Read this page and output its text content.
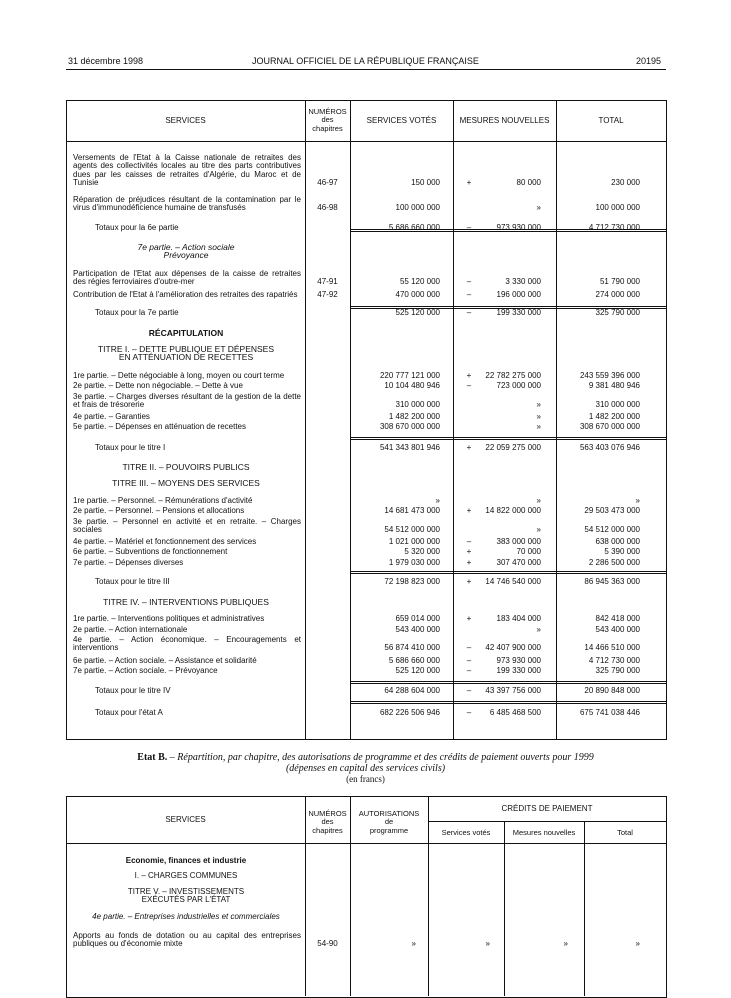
31 décembre 1998	JOURNAL OFFICIEL DE LA RÉPUBLIQUE FRANÇAISE	20195
SERVICES
NUMÉROS
des
chapitres
SERVICES VOTÉS	MESURES NOUVELLES	TOTAL
Versements de l'Etat à la Caisse nationale de retraites des agents des collectivités locales au titre des parts contributives dues par les caisses de retraites d'Algérie, du Maroc et de Tunisie	46-97	150 000	+	80 000	230 000
Réparation de préjudices résultant de la contamination par le virus d'immunodéficience humaine de transfusés	46-98	100 000 000	»	100 000 000
Totaux pour la 6e partie	5 686 660 000	–	973 930 000	4 712 730 000
7e partie. – Action sociale
Prévoyance
Participation de l'Etat aux dépenses de la caisse de retraites des régies ferroviaires d'outre-mer	47-91	55 120 000	–	3 330 000	51 790 000
Contribution de l'Etat à l'amélioration des retraites des rapatriés	47-92	470 000 000	–	196 000 000	274 000 000
Totaux pour la 7e partie	525 120 000	–	199 330 000	325 790 000
RÉCAPITULATION
TITRE I. – DETTE PUBLIQUE ET DÉPENSES
EN ATTÉNUATION DE RECETTES
1re partie. – Dette négociable à long, moyen ou court terme	220 777 121 000	+	22 782 275 000	243 559 396 000
2e partie. – Dette non négociable. – Dette à vue	10 104 480 946	–	723 000 000	9 381 480 946
3e partie. – Charges diverses résultant de la gestion de la dette et frais de trésorerie	310 000 000	»	310 000 000
4e partie. – Garanties	1 482 200 000	»	1 482 200 000
5e partie. – Dépenses en atténuation de recettes	308 670 000 000	»	308 670 000 000
Totaux pour le titre I	541 343 801 946	+	22 059 275 000	563 403 076 946
TITRE II. – POUVOIRS PUBLICS
TITRE III. – MOYENS DES SERVICES
1re partie. – Personnel. – Rémunérations d'activité	»	»	»
2e partie. – Personnel. – Pensions et allocations	14 681 473 000	+	14 822 000 000	29 503 473 000
3e partie. – Personnel en activité et en retraite. – Charges sociales	54 512 000 000	»	54 512 000 000
4e partie. – Matériel et fonctionnement des services	1 021 000 000	–	383 000 000	638 000 000
6e partie. – Subventions de fonctionnement	5 320 000	+	70 000	5 390 000
7e partie. – Dépenses diverses	1 979 030 000	+	307 470 000	2 286 500 000
Totaux pour le titre III	72 198 823 000	+	14 746 540 000	86 945 363 000
TITRE IV. – INTERVENTIONS PUBLIQUES
1re partie. – Interventions politiques et administratives	659 014 000	+	183 404 000	842 418 000
2e partie. – Action internationale	543 400 000	»	543 400 000
4e partie. – Action économique. – Encouragements et interventions	56 874 410 000	–	42 407 900 000	14 466 510 000
6e partie. – Action sociale. – Assistance et solidarité	5 686 660 000	–	973 930 000	4 712 730 000
7e partie. – Action sociale. – Prévoyance	525 120 000	–	199 330 000	325 790 000
Totaux pour le titre IV	64 288 604 000	–	43 397 756 000	20 890 848 000
Totaux pour l'état A	682 226 506 946	–	6 485 468 500	675 741 038 446
Etat B. – Répartition, par chapitre, des autorisations de programme et des crédits de paiement ouverts pour 1999
(dépenses en capital des services civils)
(en francs)
SERVICES
NUMÉROS
des
chapitres
AUTORISATIONS
de
programme
CRÉDITS DE PAIEMENT
Services votés	Mesures nouvelles	Total
Economie, finances et industrie
I. – CHARGES COMMUNES
TITRE V. – INVESTISSEMENTS
EXÉCUTÉS PAR L'ÉTAT
4e partie. – Entreprises industrielles et commerciales
Apports au fonds de dotation ou au capital des entreprises publiques ou d'économie mixte	54-90	»	»	»	»
